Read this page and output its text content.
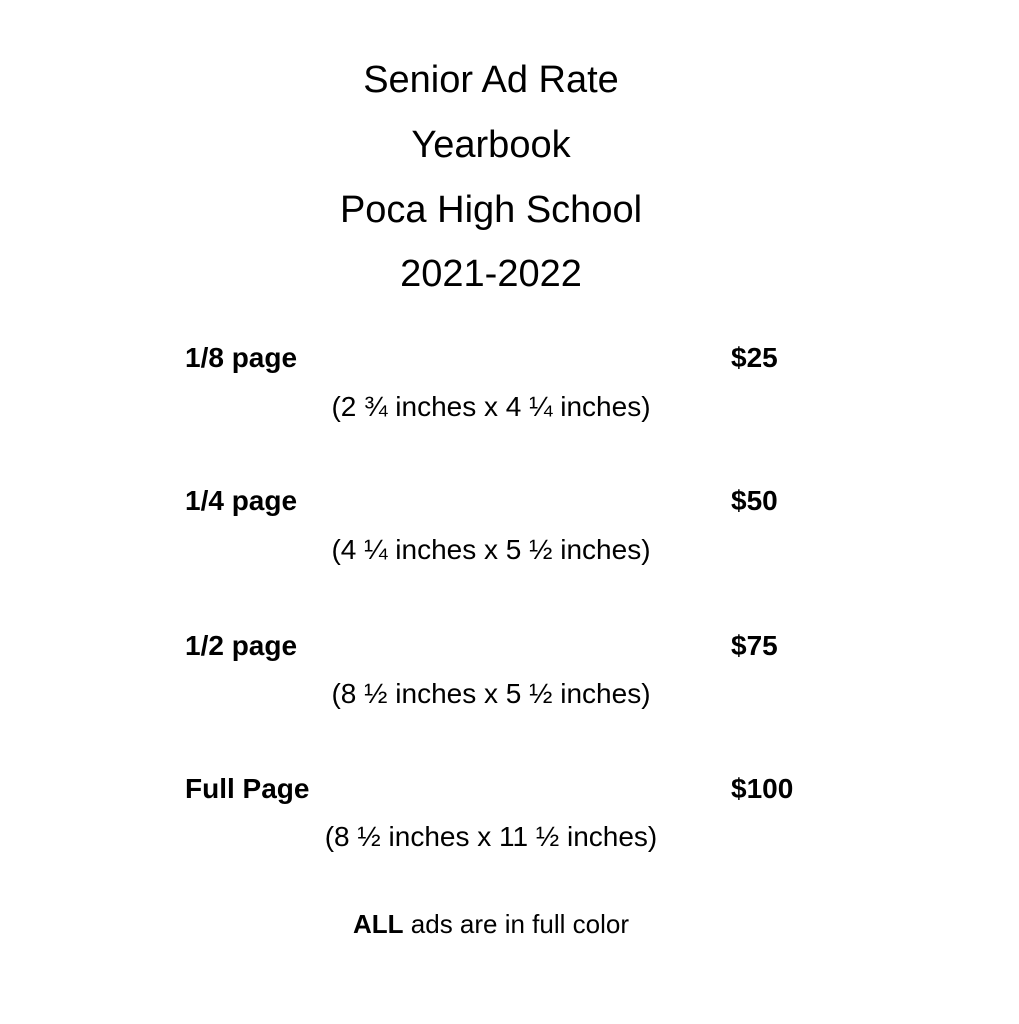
Senior Ad Rate
Yearbook
Poca High School
2021-2022
1/8 page	$25
(2 ¾ inches x 4 ¼ inches)
1/4 page	$50
(4 ¼ inches x 5 ½ inches)
1/2 page	$75
(8 ½ inches x 5 ½ inches)
Full Page	$100
(8 ½ inches x 11 ½ inches)
ALL ads are in full color
